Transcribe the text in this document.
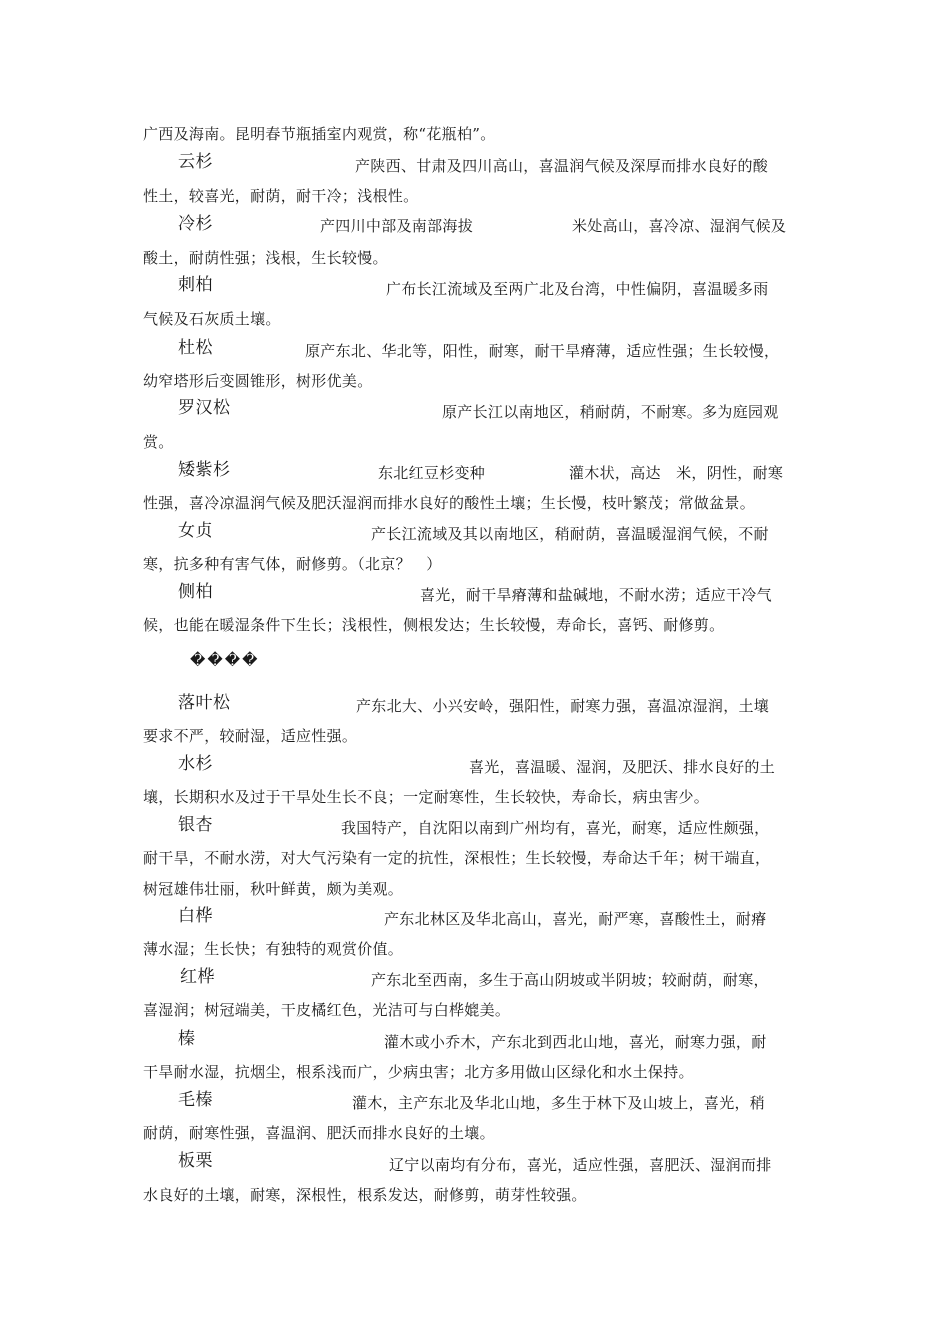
广西及海南。昆明春节瓶插室内观赏，称“花瓶柏”。
云杉	产陕西、甘肃及四川高山，喜温润气候及深厚而排水良好的酸
性土，较喜光，耐荫，耐干冷；浅根性。
冷杉	产四川中部及南部海拔	米处高山，喜冷凉、湿润气候及
酸土，耐荫性强；浅根，生长较慢。
刺柏	广布长江流域及至两广北及台湾，中性偏阴，喜温暖多雨
气候及石灰质土壤。
杜松	原产东北、华北等，阳性，耐寒，耐干旱瘠薄，适应性强；生长较慢，
幼窄塔形后变圆锥形，树形优美。
罗汉松	原产长江以南地区，稍耐荫，不耐寒。多为庭园观
赏。
矮紫杉	东北红豆杉变种	灌木状，高达　米，阴性，耐寒
性强，喜冷凉温润气候及肥沃湿润而排水良好的酸性土壤；生长慢，枝叶繁茂；常做盆景。
女贞	产长江流域及其以南地区，稍耐荫，喜温暖湿润气候，不耐
寒，抗多种有害气体，耐修剪。（北京？　）
侧柏	喜光，耐干旱瘠薄和盐碱地，不耐水涝；适应干冷气
候，也能在暖湿条件下生长；浅根性，侧根发达；生长较慢，寿命长，喜钙、耐修剪。
����
落叶松	产东北大、小兴安岭，强阳性，耐寒力强，喜温凉湿润，土壤
要求不严，较耐湿，适应性强。
水杉	喜光，喜温暖、湿润，及肥沃、排水良好的土
壤，长期积水及过于干旱处生长不良；一定耐寒性，生长较快，寿命长，病虫害少。
银杏	我国特产，自沈阳以南到广州均有，喜光，耐寒，适应性颇强，
耐干旱，不耐水涝，对大气污染有一定的抗性，深根性；生长较慢，寿命达千年；树干端直，
树冠雄伟壮丽，秋叶鲜黄，颇为美观。
白桦	产东北林区及华北高山，喜光，耐严寒，喜酸性土，耐瘠
薄水湿；生长快；有独特的观赏价值。
红桦	产东北至西南，多生于高山阴坡或半阴坡；较耐荫，耐寒，
喜湿润；树冠端美，干皮橘红色，光洁可与白桦媲美。
榛	灌木或小乔木，产东北到西北山地，喜光，耐寒力强，耐
干旱耐水湿，抗烟尘，根系浅而广，少病虫害；北方多用做山区绿化和水土保持。
毛榛	灌木，主产东北及华北山地，多生于林下及山坡上，喜光，稍
耐荫，耐寒性强，喜温润、肥沃而排水良好的土壤。
板栗	辽宁以南均有分布，喜光，适应性强，喜肥沃、湿润而排
水良好的土壤，耐寒，深根性，根系发达，耐修剪，萌芽性较强。
